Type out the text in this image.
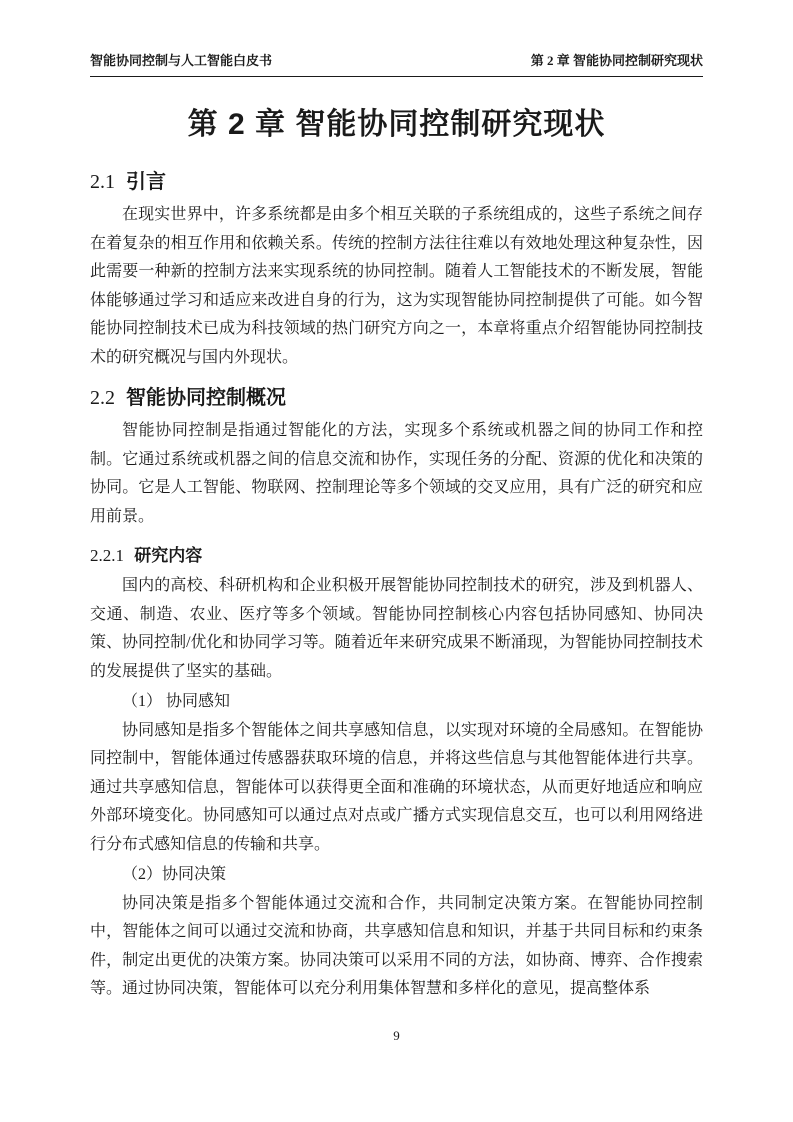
智能协同控制与人工智能白皮书	第 2 章 智能协同控制研究现状
第 2 章 智能协同控制研究现状
2.1 引言

在现实世界中，许多系统都是由多个相互关联的子系统组成的，这些子系统之间存在着复杂的相互作用和依赖关系。传统的控制方法往往难以有效地处理这种复杂性，因此需要一种新的控制方法来实现系统的协同控制。随着人工智能技术的不断发展，智能体能够通过学习和适应来改进自身的行为，这为实现智能协同控制提供了可能。如今智能协同控制技术已成为科技领域的热门研究方向之一，本章将重点介绍智能协同控制技术的研究概况与国内外现状。

2.2 智能协同控制概况

智能协同控制是指通过智能化的方法，实现多个系统或机器之间的协同工作和控制。它通过系统或机器之间的信息交流和协作，实现任务的分配、资源的优化和决策的协同。它是人工智能、物联网、控制理论等多个领域的交叉应用，具有广泛的研究和应用前景。

2.2.1 研究内容

国内的高校、科研机构和企业积极开展智能协同控制技术的研究，涉及到机器人、交通、制造、农业、医疗等多个领域。智能协同控制核心内容包括协同感知、协同决策、协同控制/优化和协同学习等。随着近年来研究成果不断涌现，为智能协同控制技术的发展提供了坚实的基础。

（1） 协同感知

协同感知是指多个智能体之间共享感知信息，以实现对环境的全局感知。在智能协同控制中，智能体通过传感器获取环境的信息，并将这些信息与其他智能体进行共享。通过共享感知信息，智能体可以获得更全面和准确的环境状态，从而更好地适应和响应外部环境变化。协同感知可以通过点对点或广播方式实现信息交互，也可以利用网络进行分布式感知信息的传输和共享。

（2）协同决策

协同决策是指多个智能体通过交流和合作，共同制定决策方案。在智能协同控制中，智能体之间可以通过交流和协商，共享感知信息和知识，并基于共同目标和约束条件，制定出更优的决策方案。协同决策可以采用不同的方法，如协商、博弈、合作搜索等。通过协同决策，智能体可以充分利用集体智慧和多样化的意见，提高整体系

9
